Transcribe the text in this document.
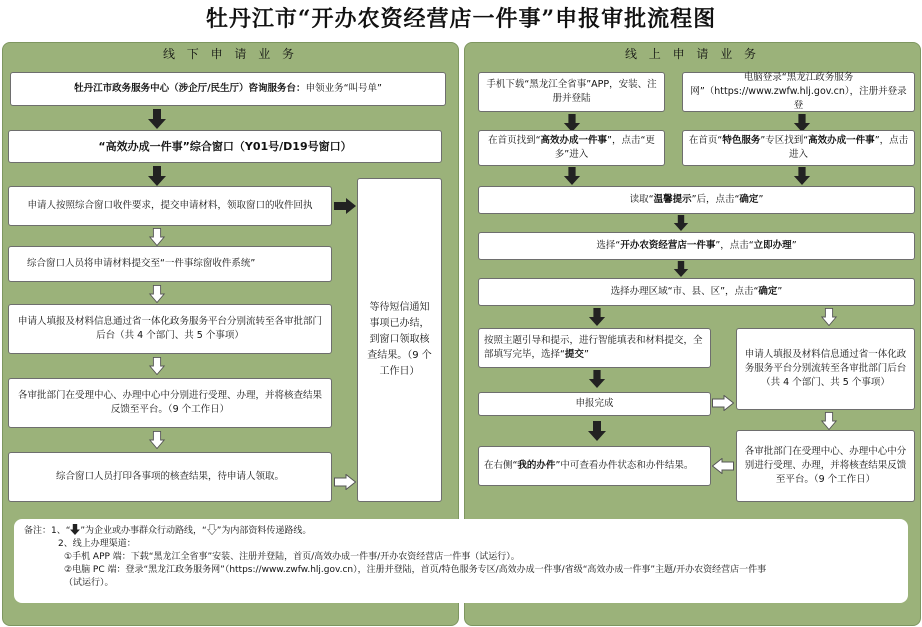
牡丹江市“开办农资经营店一件事”申报审批流程图
线 下 申 请 业 务	线 上 申 请 业 务
牡丹江市政务服务中心（涉企厅/民生厅）咨询服务台： 申领业务“叫号单”
“高效办成一件事”综合窗口（Y01号/D19号窗口）
申请人按照综合窗口收件要求，提交申请材料，领取窗口的收件回执
综合窗口人员将申请材料提交至“一件事综窗收件系统”
申请人填报及材料信息通过省一体化政务服务平台分别流转至各审批部门后台（共 4 个部门、共 5 个事项）
各审批部门在受理中心、办理中心中分别进行受理、办理，并将核查结果反馈至平台。（9 个工作日）
综合窗口人员打印各事项的核查结果，待申请人领取。
等待短信通知事项已办结，到窗口领取核查结果。（9 个工作日）
手机下载“黑龙江全省事”APP，安装、注册并登陆
电脑登录“黑龙江政务服务网”（https://www.zwfw.hlj.gov.cn），注册并登录登
在首页找到“高效办成一件事”，点击“更多”进入
在首页“特色服务”专区找到“高效办成一件事”，点击进入
读取“温馨提示”后，点击“确定”
选择“开办农资经营店一件事”，点击“立即办理”
选择办理区域“市、县、区”，点击“确定”
按照主题引导和提示，进行智能填表和材料提交，全部填写完毕，选择“提交”	申请人填报及材料信息通过省一体化政务服务平台分别流转至各审批部门后台（共 4 个部门、共 5 个事项）
申报完成
在右侧“我的办件”中可查看办件状态和办件结果。
各审批部门在受理中心、办理中心中分别进行受理、办理，并将核查结果反馈至平台。（9 个工作日）
备注：1、“ ”为企业或办事群众行动路线，“ ”为内部资料传递路线。
2、线上办理渠道：
①手机 APP 端：下载“黑龙江全省事”安装、注册并登陆，首页/高效办成一件事/开办农资经营店一件事（试运行）。
②电脑 PC 端：登录“黑龙江政务服务网”（https://www.zwfw.hlj.gov.cn），注册并登陆，首页/特色服务专区/高效办成一件事/省级“高效办成一件事”主题/开办农资经营店一件事
（试运行）。
